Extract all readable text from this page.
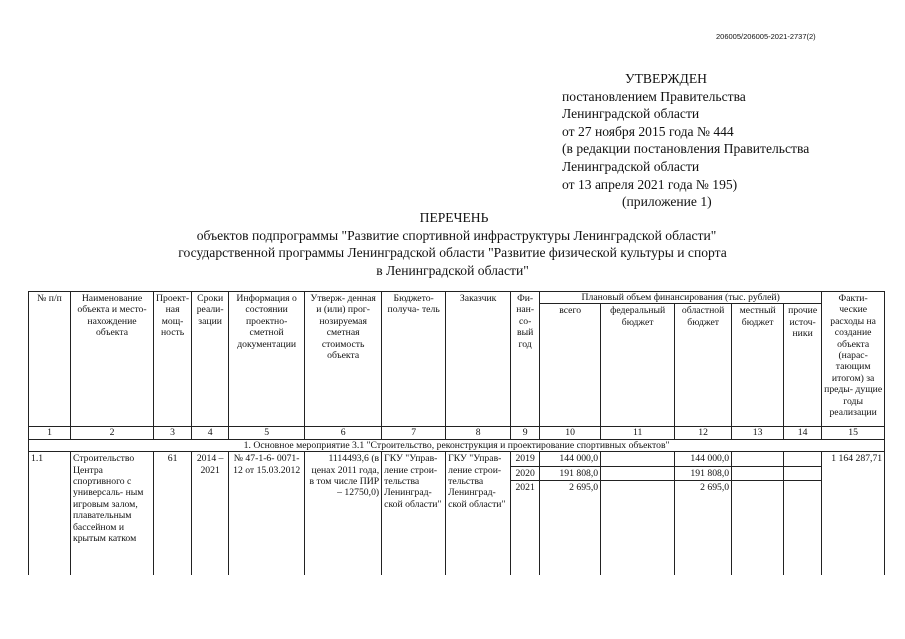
206005/206005-2021-2737(2)
УТВЕРЖДЕН
постановлением Правительства
Ленинградской области
от 27 ноября 2015 года № 444
(в редакции постановления Правительства
Ленинградской области
от 13 апреля 2021 года № 195)
(приложение 1)
ПЕРЕЧЕНЬ
объектов подпрограммы "Развитие спортивной инфраструктуры Ленинградской области"
государственной программы Ленинградской области "Развитие физической культуры и спорта
в Ленинградской области"
№ п/п	Наименование объекта и место- нахождение объекта	Проект- ная мощ- ность	Сроки реали- зации	Информация о состоянии проектно- сметной документации	Утверж- денная и (или) прог- нозируемая сметная стоимость объекта	Бюджето- получа- тель	Заказчик	Фи- нан- со- вый год	Плановый объем финансирования (тыс. рублей)					Факти- ческие расходы на создание объекта (нарас- тающим итогом) за преды- дущие годы реализации
									всего	федеральный бюджет	областной бюджет	местный бюджет	прочие источ- ники	
1	2	3	4	5	6	7	8	9	10	11	12	13	14	15
1. Основное мероприятие 3.1 "Строительство, реконструкция и проектирование спортивных объектов"														
1.1	Строительство Центра спортивного с универсаль- ным игровым залом, плавательным бассейном и крытым катком	61	2014 – 2021	№ 47-1-6- 0071-12 от 15.03.2012	1114493,6 (в ценах 2011 года, в том числе ПИР – 12750,0)	ГКУ "Управ- ление строи- тельства Ленинград- ской области"	ГКУ "Управ- ление строи- тельства Ленинград- ской области"	2019	144 000,0		144 000,0			1 164 287,71
								2020	191 808,0		191 808,0			
								2021	2 695,0		2 695,0			
